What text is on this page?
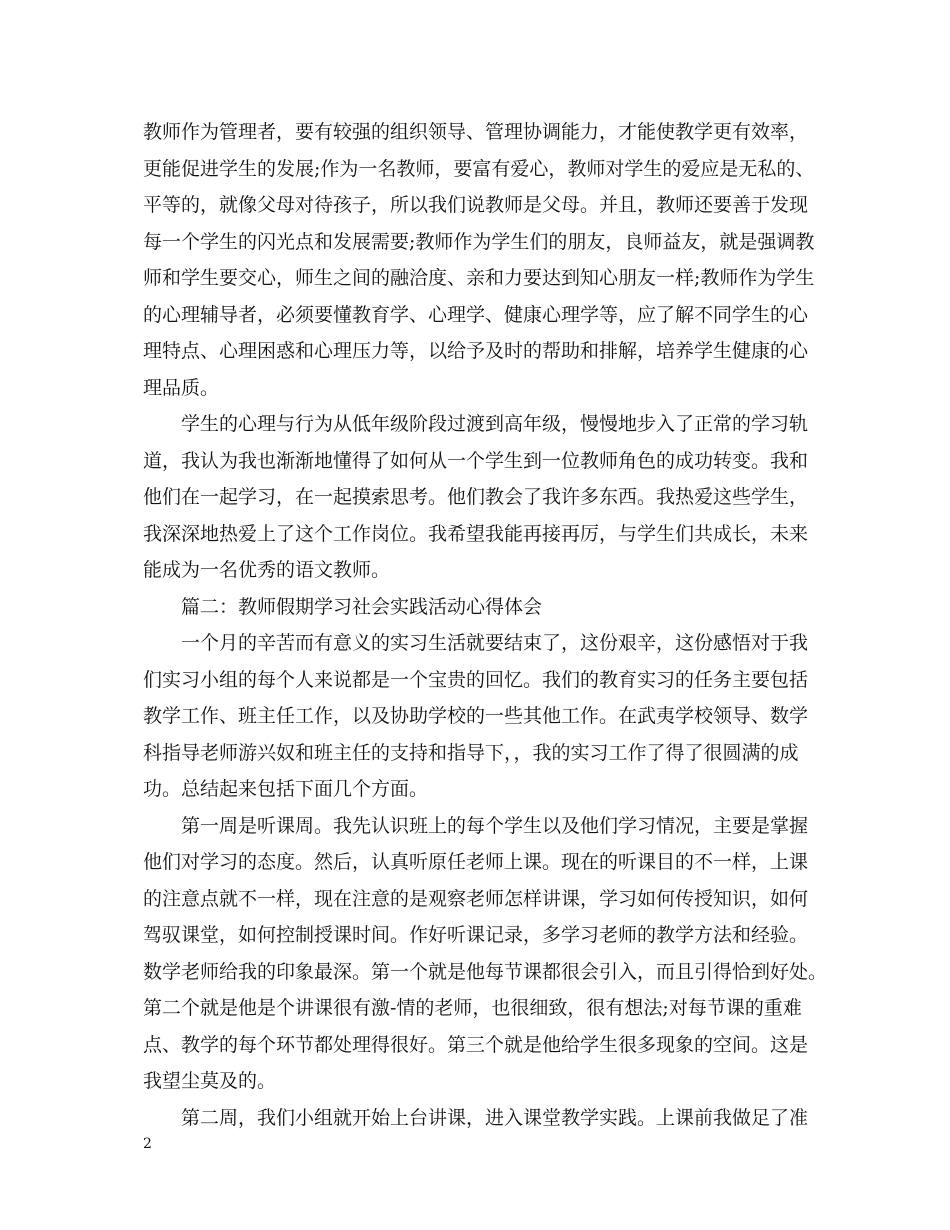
教师作为管理者，要有较强的组织领导、管理协调能力，才能使教学更有效率，
更能促进学生的发展;作为一名教师，要富有爱心，教师对学生的爱应是无私的、
平等的，就像父母对待孩子，所以我们说教师是父母。并且，教师还要善于发现
每一个学生的闪光点和发展需要;教师作为学生们的朋友，良师益友，就是强调教
师和学生要交心，师生之间的融洽度、亲和力要达到知心朋友一样;教师作为学生
的心理辅导者，必须要懂教育学、心理学、健康心理学等，应了解不同学生的心
理特点、心理困惑和心理压力等，以给予及时的帮助和排解，培养学生健康的心
理品质。
学生的心理与行为从低年级阶段过渡到高年级，慢慢地步入了正常的学习轨
道，我认为我也渐渐地懂得了如何从一个学生到一位教师角色的成功转变。我和
他们在一起学习，在一起摸索思考。他们教会了我许多东西。我热爱这些学生，
我深深地热爱上了这个工作岗位。我希望我能再接再厉，与学生们共成长，未来
能成为一名优秀的语文教师。
篇二：教师假期学习社会实践活动心得体会
一个月的辛苦而有意义的实习生活就要结束了，这份艰辛，这份感悟对于我
们实习小组的每个人来说都是一个宝贵的回忆。我们的教育实习的任务主要包括
教学工作、班主任工作，以及协助学校的一些其他工作。在武夷学校领导、数学
科指导老师游兴奴和班主任的支持和指导下，，我的实习工作了得了很圆满的成
功。总结起来包括下面几个方面。
第一周是听课周。我先认识班上的每个学生以及他们学习情况，主要是掌握
他们对学习的态度。然后，认真听原任老师上课。现在的听课目的不一样，上课
的注意点就不一样，现在注意的是观察老师怎样讲课，学习如何传授知识，如何
驾驭课堂，如何控制授课时间。作好听课记录，多学习老师的教学方法和经验。
数学老师给我的印象最深。第一个就是他每节课都很会引入，而且引得恰到好处。
第二个就是他是个讲课很有激-情的老师，也很细致，很有想法;对每节课的重难
点、教学的每个环节都处理得很好。第三个就是他给学生很多现象的空间。这是
我望尘莫及的。
第二周，我们小组就开始上台讲课，进入课堂教学实践。上课前我做足了准
2
